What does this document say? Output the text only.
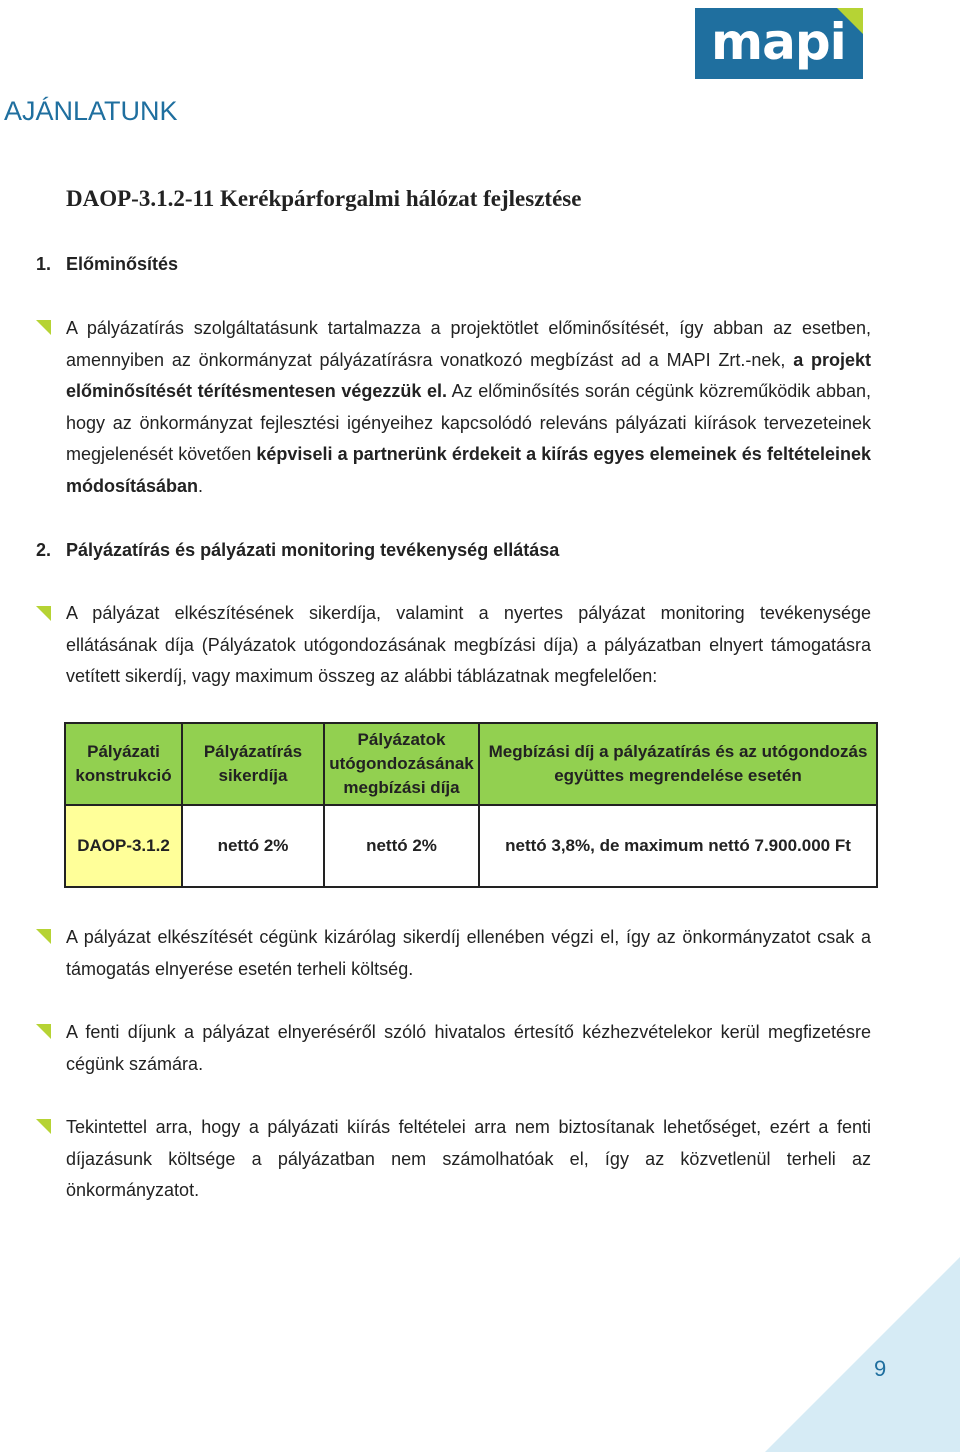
mapi
AJÁNLATUNK
DAOP-3.1.2-11 Kerékpárforgalmi hálózat fejlesztése
1. Előminősítés

A pályázatírás szolgáltatásunk tartalmazza a projektötlet előminősítését, így abban az esetben, amennyiben az önkormányzat pályázatírásra vonatkozó megbízást ad a MAPI Zrt.-nek, a projekt előminősítését térítésmentesen végezzük el. Az előminősítés során cégünk közreműködik abban, hogy az önkormányzat fejlesztési igényeihez kapcsolódó releváns pályázati kiírások tervezeteinek megjelenését követően képviseli a partnerünk érdekeit a kiírás egyes elemeinek és feltételeinek módosításában.

2. Pályázatírás és pályázati monitoring tevékenység ellátása

A pályázat elkészítésének sikerdíja, valamint a nyertes pályázat monitoring tevékenysége ellátásának díja (Pályázatok utógondozásának megbízási díja) a pályázatban elnyert támogatásra vetített sikerdíj, vagy maximum összeg az alábbi táblázatnak megfelelően:

Pályázati konstrukció	Pályázatírás sikerdíja	Pályázatok utógondozásának megbízási díja	Megbízási díj a pályázatírás és az utógondozás együttes megrendelése esetén
DAOP-3.1.2	nettó 2%	nettó 2%	nettó 3,8%, de maximum nettó 7.900.000 Ft

A pályázat elkészítését cégünk kizárólag sikerdíj ellenében végzi el, így az önkormányzatot csak a támogatás elnyerése esetén terheli költség.

A fenti díjunk a pályázat elnyeréséről szóló hivatalos értesítő kézhezvételekor kerül megfizetésre cégünk számára.

Tekintettel arra, hogy a pályázati kiírás feltételei arra nem biztosítanak lehetőséget, ezért a fenti díjazásunk költsége a pályázatban nem számolhatóak el, így az közvetlenül terheli az önkormányzatot.

9
